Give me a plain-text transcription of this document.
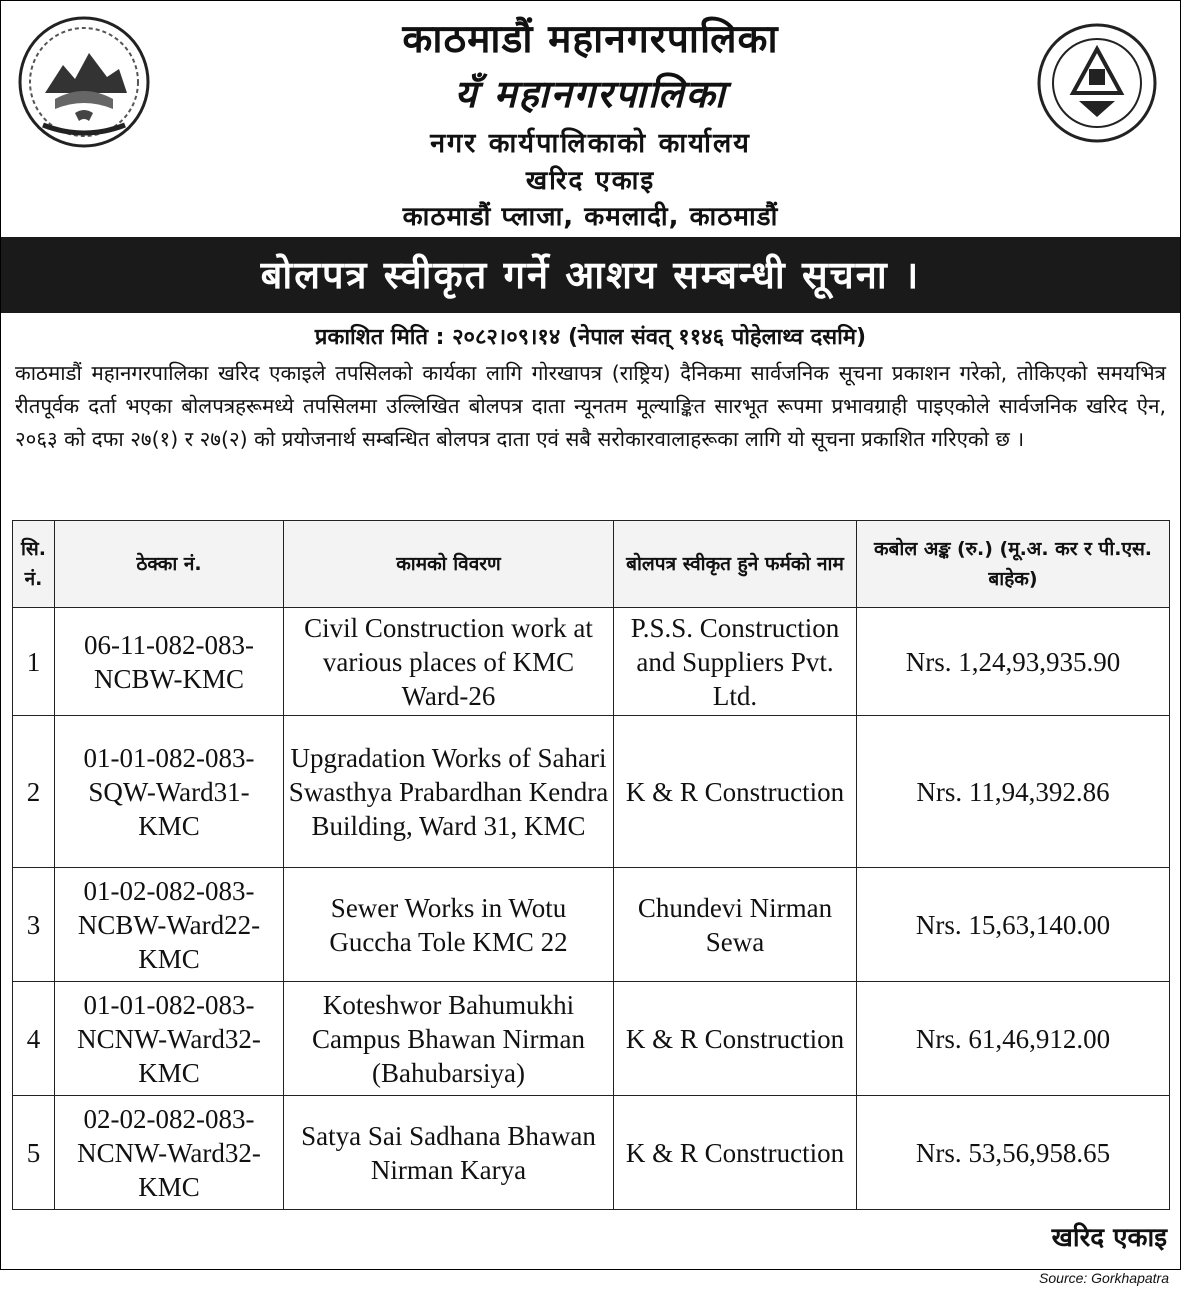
काठमाडौं महानगरपालिका
यँ महानगरपालिका
नगर कार्यपालिकाको कार्यालय
खरिद एकाइ
काठमाडौं प्लाजा, कमलादी, काठमाडौं
बोलपत्र स्वीकृत गर्ने आशय सम्बन्धी सूचना ।
प्रकाशित मिति : २०८२।०९।१४ (नेपाल संवत् ११४६ पोहेलाथ्व दसमि)
काठमाडौं महानगरपालिका खरिद एकाइले तपसिलको कार्यका लागि गोरखापत्र (राष्ट्रिय) दैनिकमा सार्वजनिक सूचना प्रकाशन गरेको, तोकिएको समयभित्र रीतपूर्वक दर्ता भएका बोलपत्रहरूमध्ये तपसिलमा उल्लिखित बोलपत्र दाता न्यूनतम मूल्याङ्कित सारभूत रूपमा प्रभावग्राही पाइएकोले सार्वजनिक खरिद ऐन, २०६३ को दफा २७(१) र २७(२) को प्रयोजनार्थ सम्बन्धित बोलपत्र दाता एवं सबै सरोकारवालाहरूका लागि यो सूचना प्रकाशित गरिएको छ ।
सि. नं.	ठेक्का नं.	कामको विवरण	बोलपत्र स्वीकृत हुने फर्मको नाम	कबोल अङ्क (रु.) (मू.अ. कर र पी.एस. बाहेक)
1	06-11-082-083-NCBW-KMC	Civil Construction work at various places of KMC Ward-26	P.S.S. Construction and Suppliers Pvt. Ltd.	Nrs. 1,24,93,935.90
2	01-01-082-083-SQW-Ward31-KMC	Upgradation Works of Sahari Swasthya Prabardhan Kendra Building, Ward 31, KMC	K & R Construction	Nrs. 11,94,392.86
3	01-02-082-083-NCBW-Ward22-KMC	Sewer Works in Wotu Guccha Tole KMC 22	Chundevi Nirman Sewa	Nrs. 15,63,140.00
4	01-01-082-083-NCNW-Ward32-KMC	Koteshwor Bahumukhi Campus Bhawan Nirman (Bahubarsiya)	K & R Construction	Nrs. 61,46,912.00
5	02-02-082-083-NCNW-Ward32-KMC	Satya Sai Sadhana Bhawan Nirman Karya	K & R Construction	Nrs. 53,56,958.65
खरिद एकाइ
Source: Gorkhapatra
